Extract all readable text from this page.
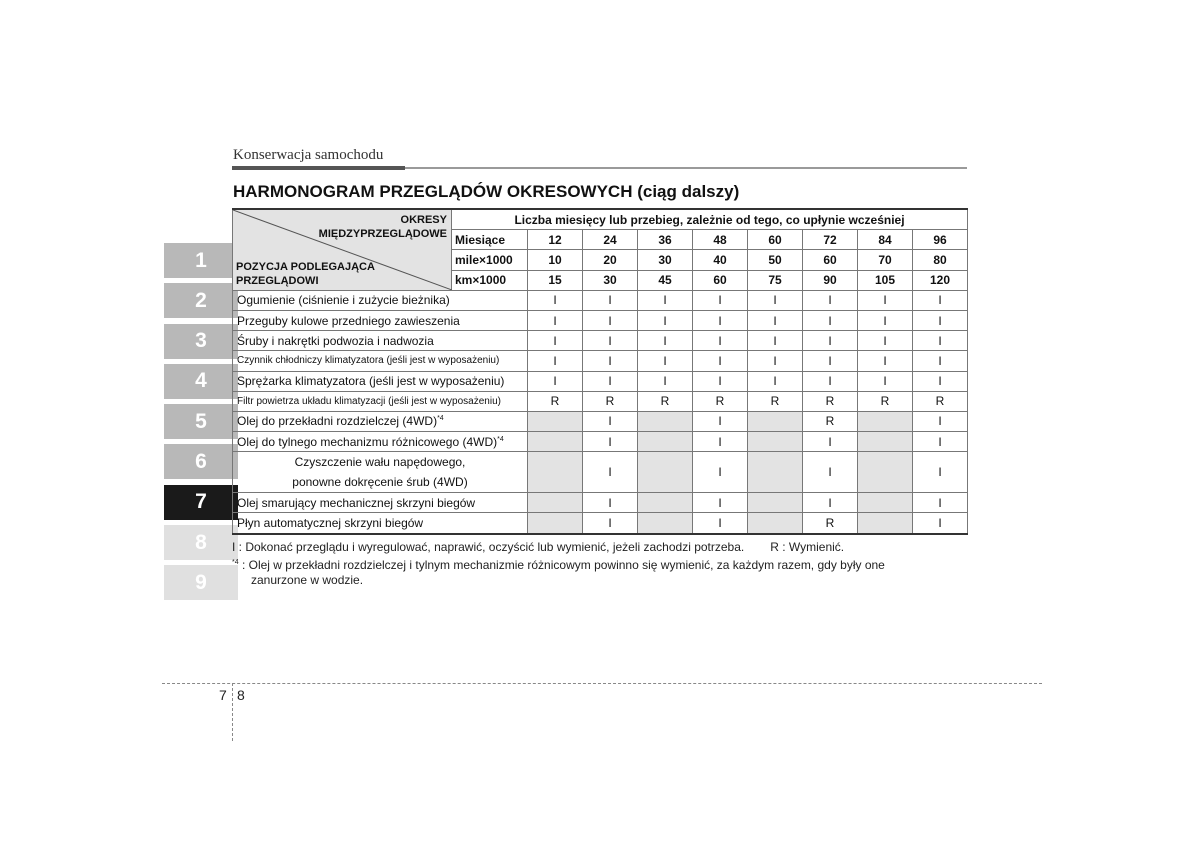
Konserwacja samochodu
HARMONOGRAM PRZEGLĄDÓW OKRESOWYCH (ciąg dalszy)
1
2
3
4
5
6
7
8
9
OKRESY
MIĘDZYPRZEGLĄDOWE
POZYCJA PODLEGAJĄCA
PRZEGLĄDOWI	Liczba miesięcy lub przebieg, zależnie od tego, co upłynie wcześniej								
	Miesiące	12	24	36	48	60	72	84	96
	mile×1000	10	20	30	40	50	60	70	80
	km×1000	15	30	45	60	75	90	105	120
Ogumienie (ciśnienie i zużycie bieżnika)		I	I	I	I	I	I	I	I
Przeguby kulowe przedniego zawieszenia		I	I	I	I	I	I	I	I
Śruby i nakrętki podwozia i nadwozia		I	I	I	I	I	I	I	I
Czynnik chłodniczy klimatyzatora (jeśli jest w wyposażeniu)		I	I	I	I	I	I	I	I
Sprężarka klimatyzatora (jeśli jest w wyposażeniu)		I	I	I	I	I	I	I	I
Filtr powietrza układu klimatyzacji (jeśli jest w wyposażeniu)		R	R	R	R	R	R	R	R
Olej do przekładni rozdzielczej $(4WD)^{*4}$			I		I		R		I
Olej do tylnego mechanizmu różnicowego $(4WD)^{*4}$			I		I		I		I

Czyszczenie wału napędowego,
ponowne dokręcenie śrub (4WD)			I		I		I		I
Olej smarujący mechanicznej skrzyni biegów			I		I		I		I
Płyn automatycznej skrzyni biegów			I		I		R		I
I : Dokonać przeglądu i wyregulować, naprawić, oczyścić lub wymienić, jeżeli zachodzi potrzeba. R : Wymienić.
$^{*4}$ : Olej w przekładni rozdzielczej i tylnym mechanizmie różnicowym powinno się wymienić, za każdym razem, gdy były one
zanurzone w wodzie.
7 8
